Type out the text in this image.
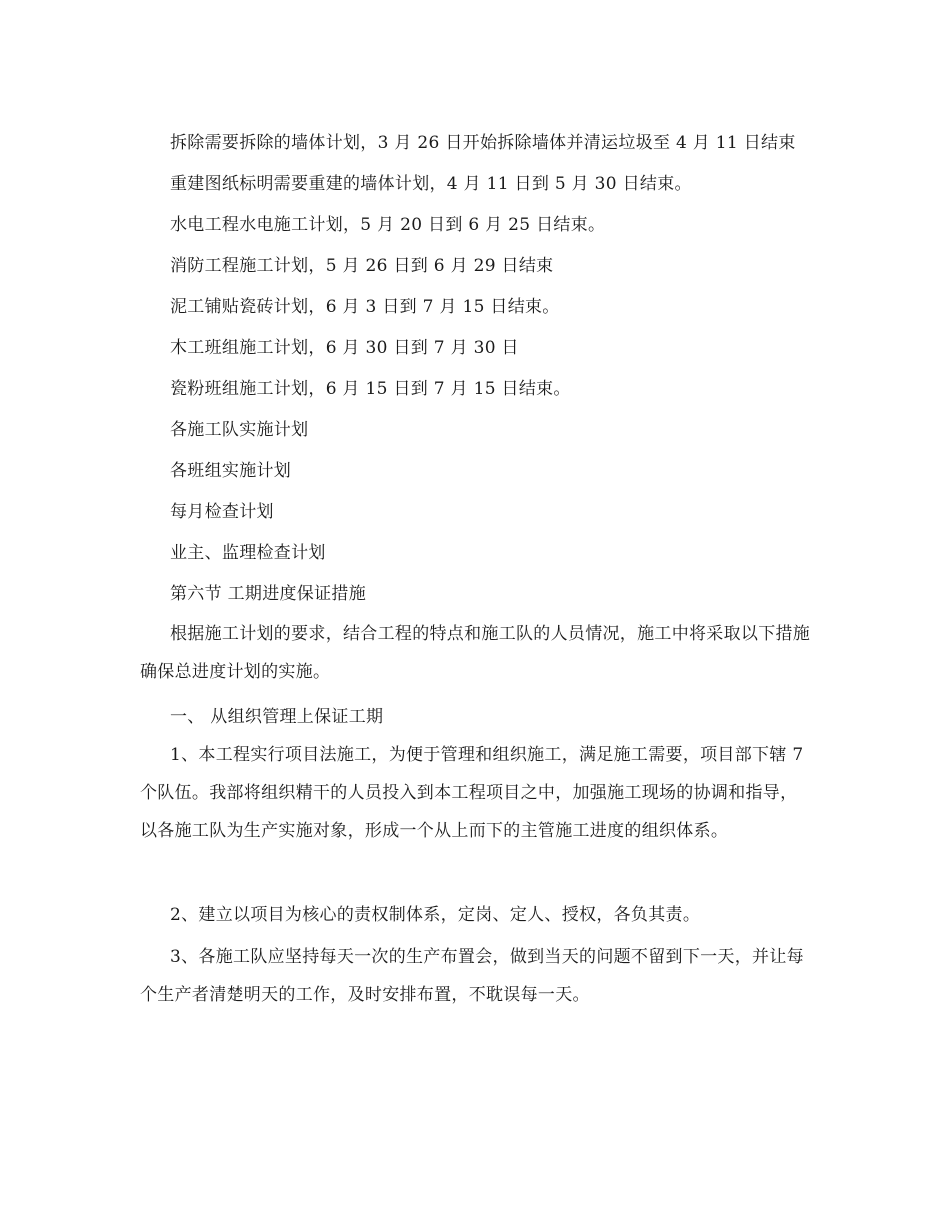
拆除需要拆除的墙体计划，3 月 26 日开始拆除墙体并清运垃圾至 4 月 11 日结束
重建图纸标明需要重建的墙体计划，4 月 11 日到 5 月 30 日结束。
水电工程水电施工计划，5 月 20 日到 6 月 25 日结束。
消防工程施工计划，5 月 26 日到 6 月 29 日结束
泥工铺贴瓷砖计划，6 月 3 日到 7 月 15 日结束。
木工班组施工计划，6 月 30 日到 7 月 30 日
瓷粉班组施工计划，6 月 15 日到 7 月 15 日结束。
各施工队实施计划
各班组实施计划
每月检查计划
业主、监理检查计划
第六节 工期进度保证措施
根据施工计划的要求，结合工程的特点和施工队的人员情况，施工中将采取以下措施确保总进度计划的实施。
一、 从组织管理上保证工期
1、本工程实行项目法施工，为便于管理和组织施工，满足施工需要，项目部下辖 7 个队伍。我部将组织精干的人员投入到本工程项目之中，加强施工现场的协调和指导，以各施工队为生产实施对象，形成一个从上而下的主管施工进度的组织体系。
2、建立以项目为核心的责权制体系，定岗、定人、授权，各负其责。
3、各施工队应坚持每天一次的生产布置会，做到当天的问题不留到下一天，并让每个生产者清楚明天的工作，及时安排布置，不耽误每一天。
